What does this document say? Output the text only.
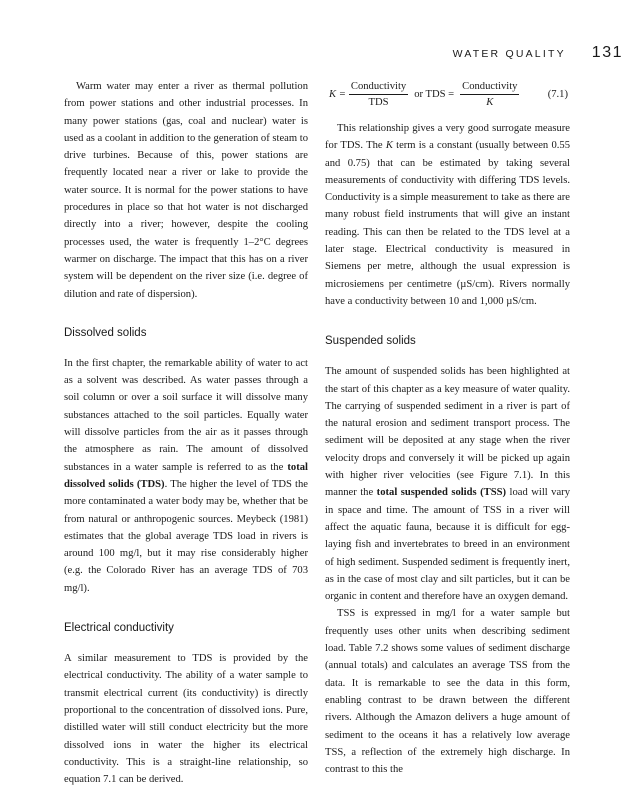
WATER QUALITY 131

Warm water may enter a river as thermal pollution from power stations and other industrial processes. In many power stations (gas, coal and nuclear) water is used as a coolant in addition to the generation of steam to drive turbines. Because of this, power stations are frequently located near a river or lake to provide the water source. It is normal for the power stations to have procedures in place so that hot water is not discharged directly into a river; however, despite the cooling processes used, the water is frequently 1–2°C degrees warmer on discharge. The impact that this has on a river system will be dependent on the river size (i.e. degree of dilution and rate of dispersion).

Dissolved solids

In the first chapter, the remarkable ability of water to act as a solvent was described. As water passes through a soil column or over a soil surface it will dissolve many substances attached to the soil particles. Equally water will dissolve particles from the air as it passes through the atmosphere as rain. The amount of dissolved substances in a water sample is referred to as the total dissolved solids (TDS). The higher the level of TDS the more contaminated a water body may be, whether that be from natural or anthropogenic sources. Meybeck (1981) estimates that the global average TDS load in rivers is around 100 mg/l, but it may rise considerably higher (e.g. the Colorado River has an average TDS of 703 mg/l).

Electrical conductivity

A similar measurement to TDS is provided by the electrical conductivity. The ability of a water sample to transmit electrical current (its conductivity) is directly proportional to the concentration of dissolved ions. Pure, distilled water will still conduct electricity but the more dissolved ions in water the higher its electrical conductivity. This is a straight-line relationship, so equation 7.1 can be derived.

$K = \frac{\text{Conductivity}}{\text{TDS}}$ or TDS = $\frac{\text{Conductivity}}{K}$	(7.1)

This relationship gives a very good surrogate measure for TDS. The K term is a constant (usually between 0.55 and 0.75) that can be estimated by taking several measurements of conductivity with differing TDS levels. Conductivity is a simple measurement to take as there are many robust field instruments that will give an instant reading. This can then be related to the TDS level at a later stage. Electrical conductivity is measured in Siemens per metre, although the usual expression is microsiemens per centimetre (µS/cm). Rivers normally have a conductivity between 10 and 1,000 µS/cm.

Suspended solids

The amount of suspended solids has been highlighted at the start of this chapter as a key measure of water quality. The carrying of suspended sediment in a river is part of the natural erosion and sediment transport process. The sediment will be deposited at any stage when the river velocity drops and conversely it will be picked up again with higher river velocities (see Figure 7.1). In this manner the total suspended solids (TSS) load will vary in space and time. The amount of TSS in a river will affect the aquatic fauna, because it is difficult for egg-laying fish and invertebrates to breed in an environment of high sediment. Suspended sediment is frequently inert, as in the case of most clay and silt particles, but it can be organic in content and therefore have an oxygen demand.

TSS is expressed in mg/l for a water sample but frequently uses other units when describing sediment load. Table 7.2 shows some values of sediment discharge (annual totals) and calculates an average TSS from the data. It is remarkable to see the data in this form, enabling contrast to be drawn between the different rivers. Although the Amazon delivers a huge amount of sediment to the oceans it has a relatively low average TSS, a reflection of the extremely high discharge. In contrast to this the
